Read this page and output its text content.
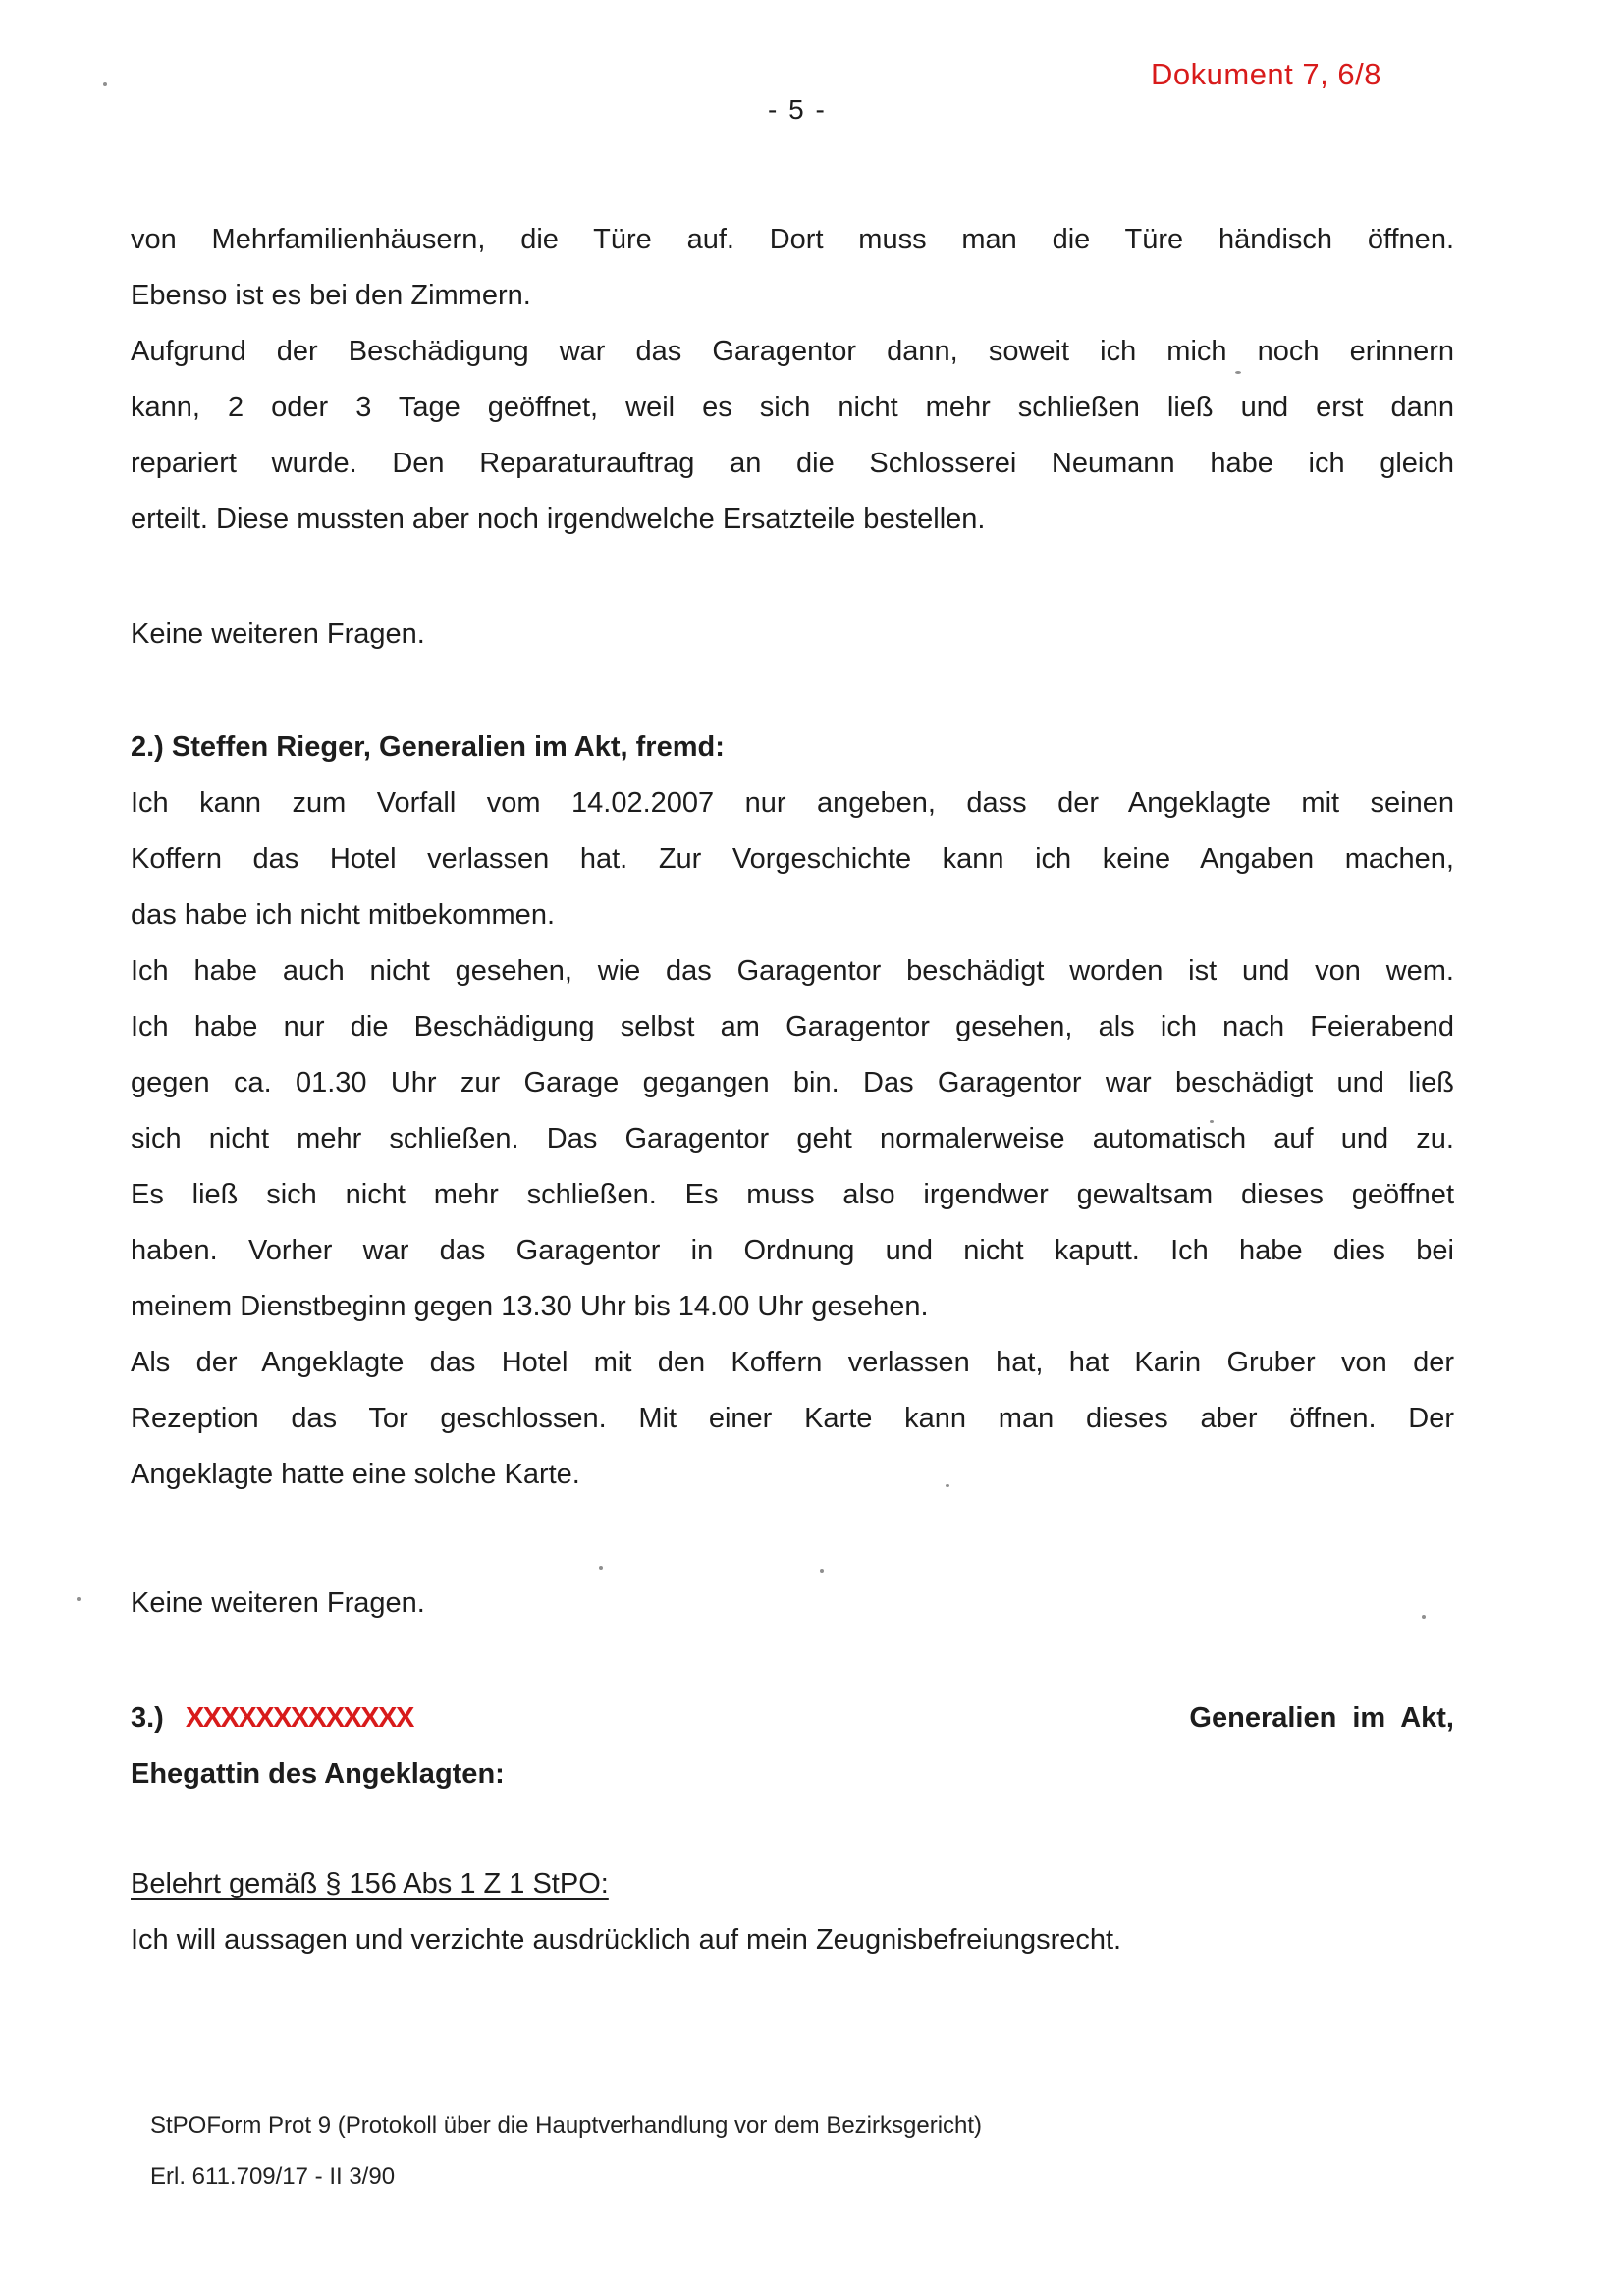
Dokument 7, 6/8
- 5 -
von Mehrfamilienhäusern, die Türe auf. Dort muss man die Türe händisch öffnen.
Ebenso ist es bei den Zimmern.
Aufgrund der Beschädigung war das Garagentor dann, soweit ich mich noch erinnern
kann, 2 oder 3 Tage geöffnet, weil es sich nicht mehr schließen ließ und erst dann
repariert wurde. Den Reparaturauftrag an die Schlosserei Neumann habe ich gleich
erteilt. Diese mussten aber noch irgendwelche Ersatzteile bestellen.
Keine weiteren Fragen.
2.) Steffen Rieger, Generalien im Akt, fremd:
Ich kann zum Vorfall vom 14.02.2007 nur angeben, dass der Angeklagte mit seinen
Koffern das Hotel verlassen hat. Zur Vorgeschichte kann ich keine Angaben machen,
das habe ich nicht mitbekommen.
Ich habe auch nicht gesehen, wie das Garagentor beschädigt worden ist und von wem.
Ich habe nur die Beschädigung selbst am Garagentor gesehen, als ich nach Feierabend
gegen ca. 01.30 Uhr zur Garage gegangen bin. Das Garagentor war beschädigt und ließ
sich nicht mehr schließen. Das Garagentor geht normalerweise automatisch auf und zu.
Es ließ sich nicht mehr schließen. Es muss also irgendwer gewaltsam dieses geöffnet
haben. Vorher war das Garagentor in Ordnung und nicht kaputt. Ich habe dies bei
meinem Dienstbeginn gegen 13.30 Uhr bis 14.00 Uhr gesehen.
Als der Angeklagte das Hotel mit den Koffern verlassen hat, hat Karin Gruber von der
Rezeption das Tor geschlossen. Mit einer Karte kann man dieses aber öffnen. Der
Angeklagte hatte eine solche Karte.
Keine weiteren Fragen.
3.) XXXXXXXXXXXXX	Generalien im Akt,
Ehegattin des Angeklagten:
Belehrt gemäß § 156 Abs 1 Z 1 StPO:
Ich will aussagen und verzichte ausdrücklich auf mein Zeugnisbefreiungsrecht.
StPOForm Prot 9 (Protokoll über die Hauptverhandlung vor dem Bezirksgericht)
Erl. 611.709/17 - II 3/90
